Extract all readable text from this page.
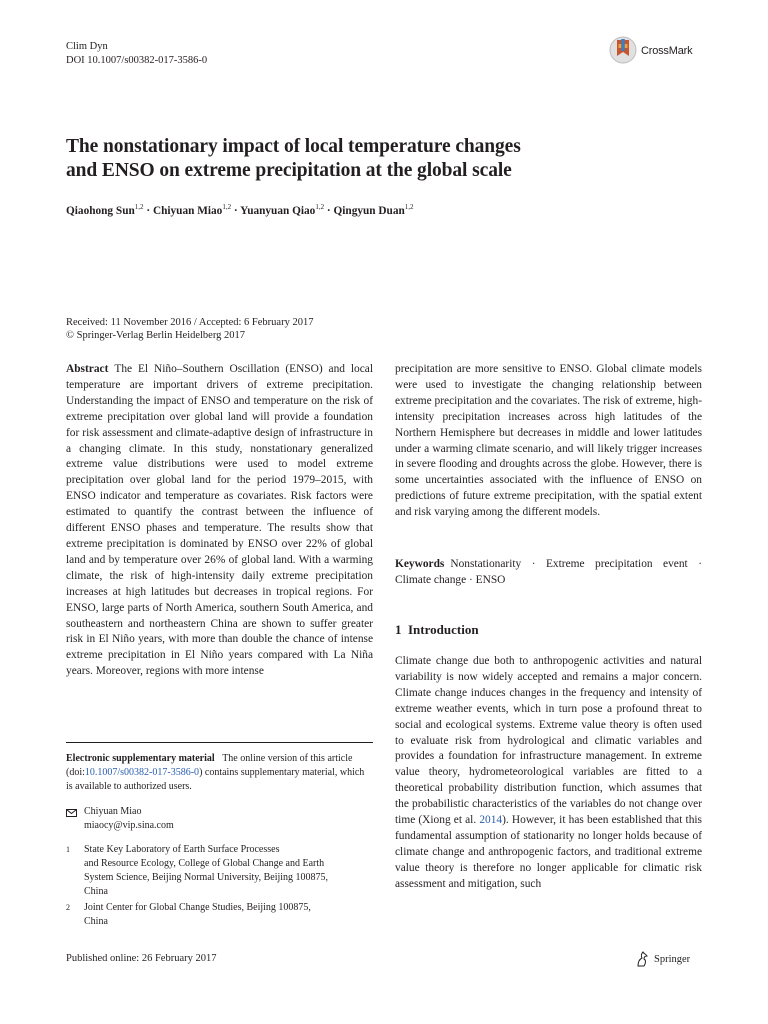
Clim Dyn
DOI 10.1007/s00382-017-3586-0
CrossMark
The nonstationary impact of local temperature changes
and ENSO on extreme precipitation at the global scale
Qiaohong Sun$^{1,2}$ · Chiyuan Miao$^{1,2}$ · Yuanyuan Qiao$^{1,2}$ · Qingyun Duan$^{1,2}$
Received: 11 November 2016 / Accepted: 6 February 2017
© Springer-Verlag Berlin Heidelberg 2017
Abstract The El Niño–Southern Oscillation (ENSO) and local temperature are important drivers of extreme precipitation. Understanding the impact of ENSO and temperature on the risk of extreme precipitation over global land will provide a foundation for risk assessment and climate-adaptive design of infrastructure in a changing climate. In this study, nonstationary generalized extreme value distributions were used to model extreme precipitation over global land for the period 1979–2015, with ENSO indicator and temperature as covariates. Risk factors were estimated to quantify the contrast between the influence of different ENSO phases and temperature. The results show that extreme precipitation is dominated by ENSO over 22% of global land and by temperature over 26% of global land. With a warming climate, the risk of high-intensity daily extreme precipitation increases at high latitudes but decreases in tropical regions. For ENSO, large parts of North America, southern South America, and southeastern and northeastern China are shown to suffer greater risk in El Niño years, with more than double the chance of intense extreme precipitation in El Niño years compared with La Niña years. Moreover, regions with more intense
precipitation are more sensitive to ENSO. Global climate models were used to investigate the changing relationship between extreme precipitation and the covariates. The risk of extreme, high-intensity precipitation increases across high latitudes of the Northern Hemisphere but decreases in middle and lower latitudes under a warming climate scenario, and will likely trigger increases in severe flooding and droughts across the globe. However, there is some uncertainties associated with the influence of ENSO on predictions of future extreme precipitation, with the spatial extent and risk varying among the different models.
Keywords Nonstationarity · Extreme precipitation event · Climate change · ENSO
1 Introduction
Climate change due both to anthropogenic activities and natural variability is now widely accepted and remains a major concern. Climate change induces changes in the frequency and intensity of extreme weather events, which in turn pose a profound threat to social and ecological systems. Extreme value theory is often used to evaluate risk from hydrological and climatic variables and provides a foundation for infrastructure management. In extreme value theory, hydrometeorological variables are fitted to a theoretical probability distribution function, which assumes that the probabilistic characteristics of the variables do not change over time (Xiong et al. 2014). However, it has been established that this fundamental assumption of stationarity no longer holds because of climate change and anthropogenic factors, and traditional extreme value theory is therefore no longer applicable for climatic risk assessment and mitigation, such
Electronic supplementary material The online version of this article (doi:10.1007/s00382-017-3586-0) contains supplementary material, which is available to authorized users.
Chiyuan Miao
miaocy@vip.sina.com
1 State Key Laboratory of Earth Surface Processes
and Resource Ecology, College of Global Change and Earth
System Science, Beijing Normal University, Beijing 100875,
China
2 Joint Center for Global Change Studies, Beijing 100875,
China
Published online: 26 February 2017	Springer
